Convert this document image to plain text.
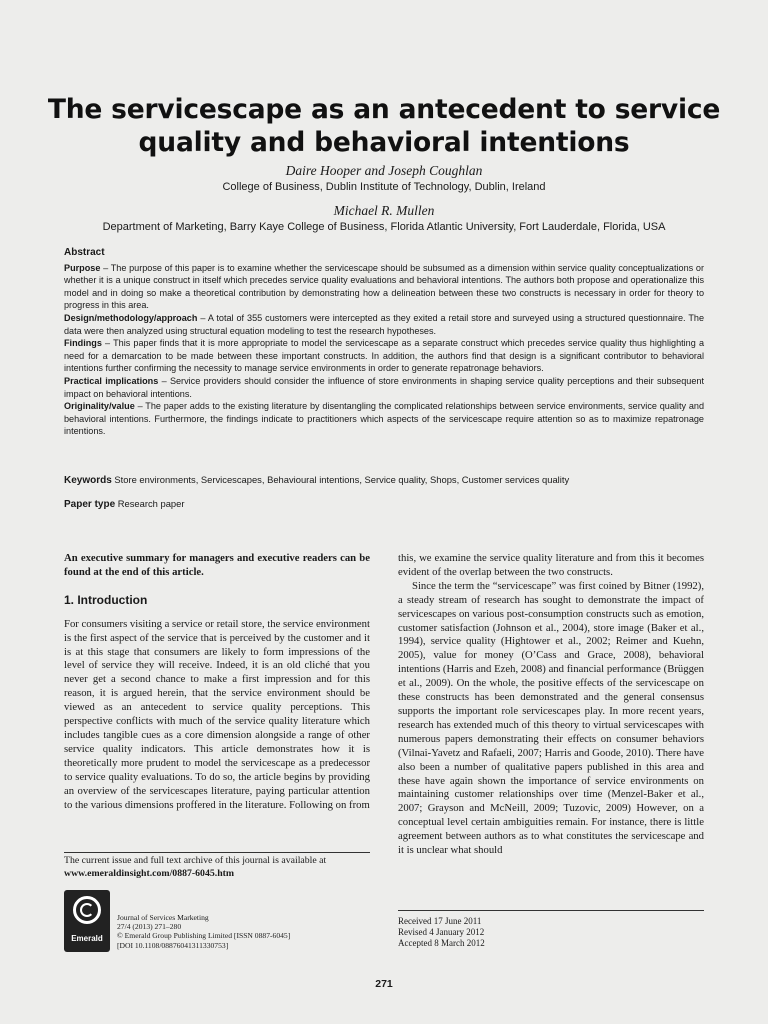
The servicescape as an antecedent to service
quality and behavioral intentions
Daire Hooper and Joseph Coughlan
College of Business, Dublin Institute of Technology, Dublin, Ireland
Michael R. Mullen
Department of Marketing, Barry Kaye College of Business, Florida Atlantic University, Fort Lauderdale, Florida, USA

Abstract

Purpose – The purpose of this paper is to examine whether the servicescape should be subsumed as a dimension within service quality conceptualizations or whether it is a unique construct in itself which precedes service quality evaluations and behavioral intentions. The authors both propose and operationalize this model and in doing so make a theoretical contribution by demonstrating how a delineation between these two constructs is necessary in order for theory to progress in this area.

Design/methodology/approach – A total of 355 customers were intercepted as they exited a retail store and surveyed using a structured questionnaire. The data were then analyzed using structural equation modeling to test the research hypotheses.

Findings – This paper finds that it is more appropriate to model the servicescape as a separate construct which precedes service quality thus highlighting a need for a demarcation to be made between these important constructs. In addition, the authors find that design is a significant contributor to behavioral intentions further confirming the necessity to manage service environments in order to generate repatronage behaviors.

Practical implications – Service providers should consider the influence of store environments in shaping service quality perceptions and their subsequent impact on behavioral intentions.

Originality/value – The paper adds to the existing literature by disentangling the complicated relationships between service environments, service quality and behavioral intentions. Furthermore, the findings indicate to practitioners which aspects of the servicescape require attention so as to maximize repatronage intentions.

Keywords Store environments, Servicescapes, Behavioural intentions, Service quality, Shops, Customer services quality
Paper type Research paper

An executive summary for managers and executive readers can be found at the end of this article.

1. Introduction

For consumers visiting a service or retail store, the service environment is the first aspect of the service that is perceived by the customer and it is at this stage that consumers are likely to form impressions of the level of service they will receive. Indeed, it is an old cliché that you never get a second chance to make a first impression and for this reason, it is argued herein, that the service environment should be viewed as an antecedent to service quality perceptions. This perspective conflicts with much of the service quality literature which includes tangible cues as a core dimension alongside a range of other service quality indicators. This article demonstrates how it is theoretically more prudent to model the servicescape as a predecessor to service quality evaluations. To do so, the article begins by providing an overview of the servicescapes literature, paying particular attention to the various dimensions proffered in the literature. Following on from

The current issue and full text archive of this journal is available at
www.emeraldinsight.com/0887-6045.htm
Emerald
Journal of Services Marketing
27/4 (2013) 271–280
© Emerald Group Publishing Limited [ISSN 0887-6045]
[DOI 10.1108/08876041311330753]

this, we examine the service quality literature and from this it becomes evident of the overlap between the two constructs.

Since the term the “servicescape” was first coined by Bitner (1992), a steady stream of research has sought to demonstrate the impact of servicescapes on various post-consumption constructs such as emotion, customer satisfaction (Johnson et al., 2004), store image (Baker et al., 1994), service quality (Hightower et al., 2002; Reimer and Kuehn, 2005), value for money (O’Cass and Grace, 2008), behavioral intentions (Harris and Ezeh, 2008) and financial performance (Brüggen et al., 2009). On the whole, the positive effects of the servicescape on these constructs has been demonstrated and the general consensus supports the important role servicescapes play. In more recent years, research has extended much of this theory to virtual servicescapes with numerous papers demonstrating their effects on consumer behaviors (Vilnai-Yavetz and Rafaeli, 2007; Harris and Goode, 2010). There have also been a number of qualitative papers published in this area and these have again shown the importance of service environments on maintaining customer relationships over time (Menzel-Baker et al., 2007; Grayson and McNeill, 2009; Tuzovic, 2009) However, on a conceptual level certain ambiguities remain. For instance, there is little agreement between authors as to what constitutes the servicescape and it is unclear what should

Received 17 June 2011
Revised 4 January 2012
Accepted 8 March 2012
271
